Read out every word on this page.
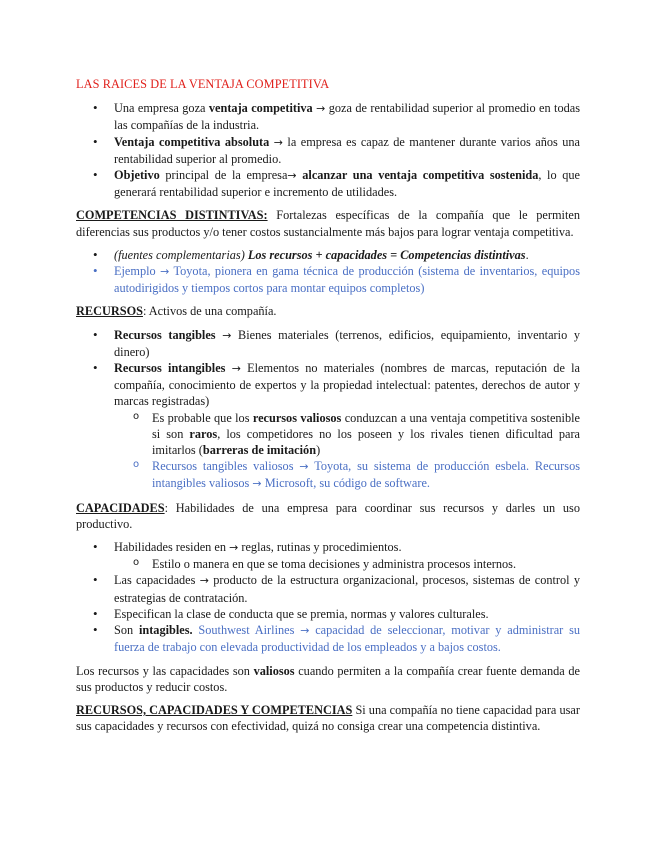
LAS RAICES DE LA VENTAJA COMPETITIVA
• Una empresa goza ventaja competitiva → goza de rentabilidad superior al promedio en todas las compañías de la industria.
• Ventaja competitiva absoluta → la empresa es capaz de mantener durante varios años una rentabilidad superior al promedio.
• Objetivo principal de la empresa→ alcanzar una ventaja competitiva sostenida, lo que generará rentabilidad superior e incremento de utilidades.

COMPETENCIAS DISTINTIVAS: Fortalezas específicas de la compañía que le permiten diferencias sus productos y/o tener costos sustancialmente más bajos para lograr ventaja competitiva.

• (fuentes complementarias) Los recursos + capacidades = Competencias distintivas.
• Ejemplo → Toyota, pionera en gama técnica de producción (sistema de inventarios, equipos autodirigidos y tiempos cortos para montar equipos completos)

RECURSOS: Activos de una compañía.

• Recursos tangibles → Bienes materiales (terrenos, edificios, equipamiento, inventario y dinero)
• Recursos intangibles → Elementos no materiales (nombres de marcas, reputación de la compañía, conocimiento de expertos y la propiedad intelectual: patentes, derechos de autor y marcas registradas)
o Es probable que los recursos valiosos conduzcan a una ventaja competitiva sostenible si son raros, los competidores no los poseen y los rivales tienen dificultad para imitarlos (barreras de imitación)
o Recursos tangibles valiosos → Toyota, su sistema de producción esbela. Recursos intangibles valiosos → Microsoft, su código de software.

CAPACIDADES: Habilidades de una empresa para coordinar sus recursos y darles un uso productivo.

• Habilidades residen en → reglas, rutinas y procedimientos.
o Estilo o manera en que se toma decisiones y administra procesos internos.
• Las capacidades → producto de la estructura organizacional, procesos, sistemas de control y estrategias de contratación.
• Especifican la clase de conducta que se premia, normas y valores culturales.
• Son intagibles. Southwest Airlines → capacidad de seleccionar, motivar y administrar su fuerza de trabajo con elevada productividad de los empleados y a bajos costos.

Los recursos y las capacidades son valiosos cuando permiten a la compañía crear fuente demanda de sus productos y reducir costos.

RECURSOS, CAPACIDADES Y COMPETENCIAS Si una compañía no tiene capacidad para usar sus capacidades y recursos con efectividad, quizá no consiga crear una competencia distintiva.
